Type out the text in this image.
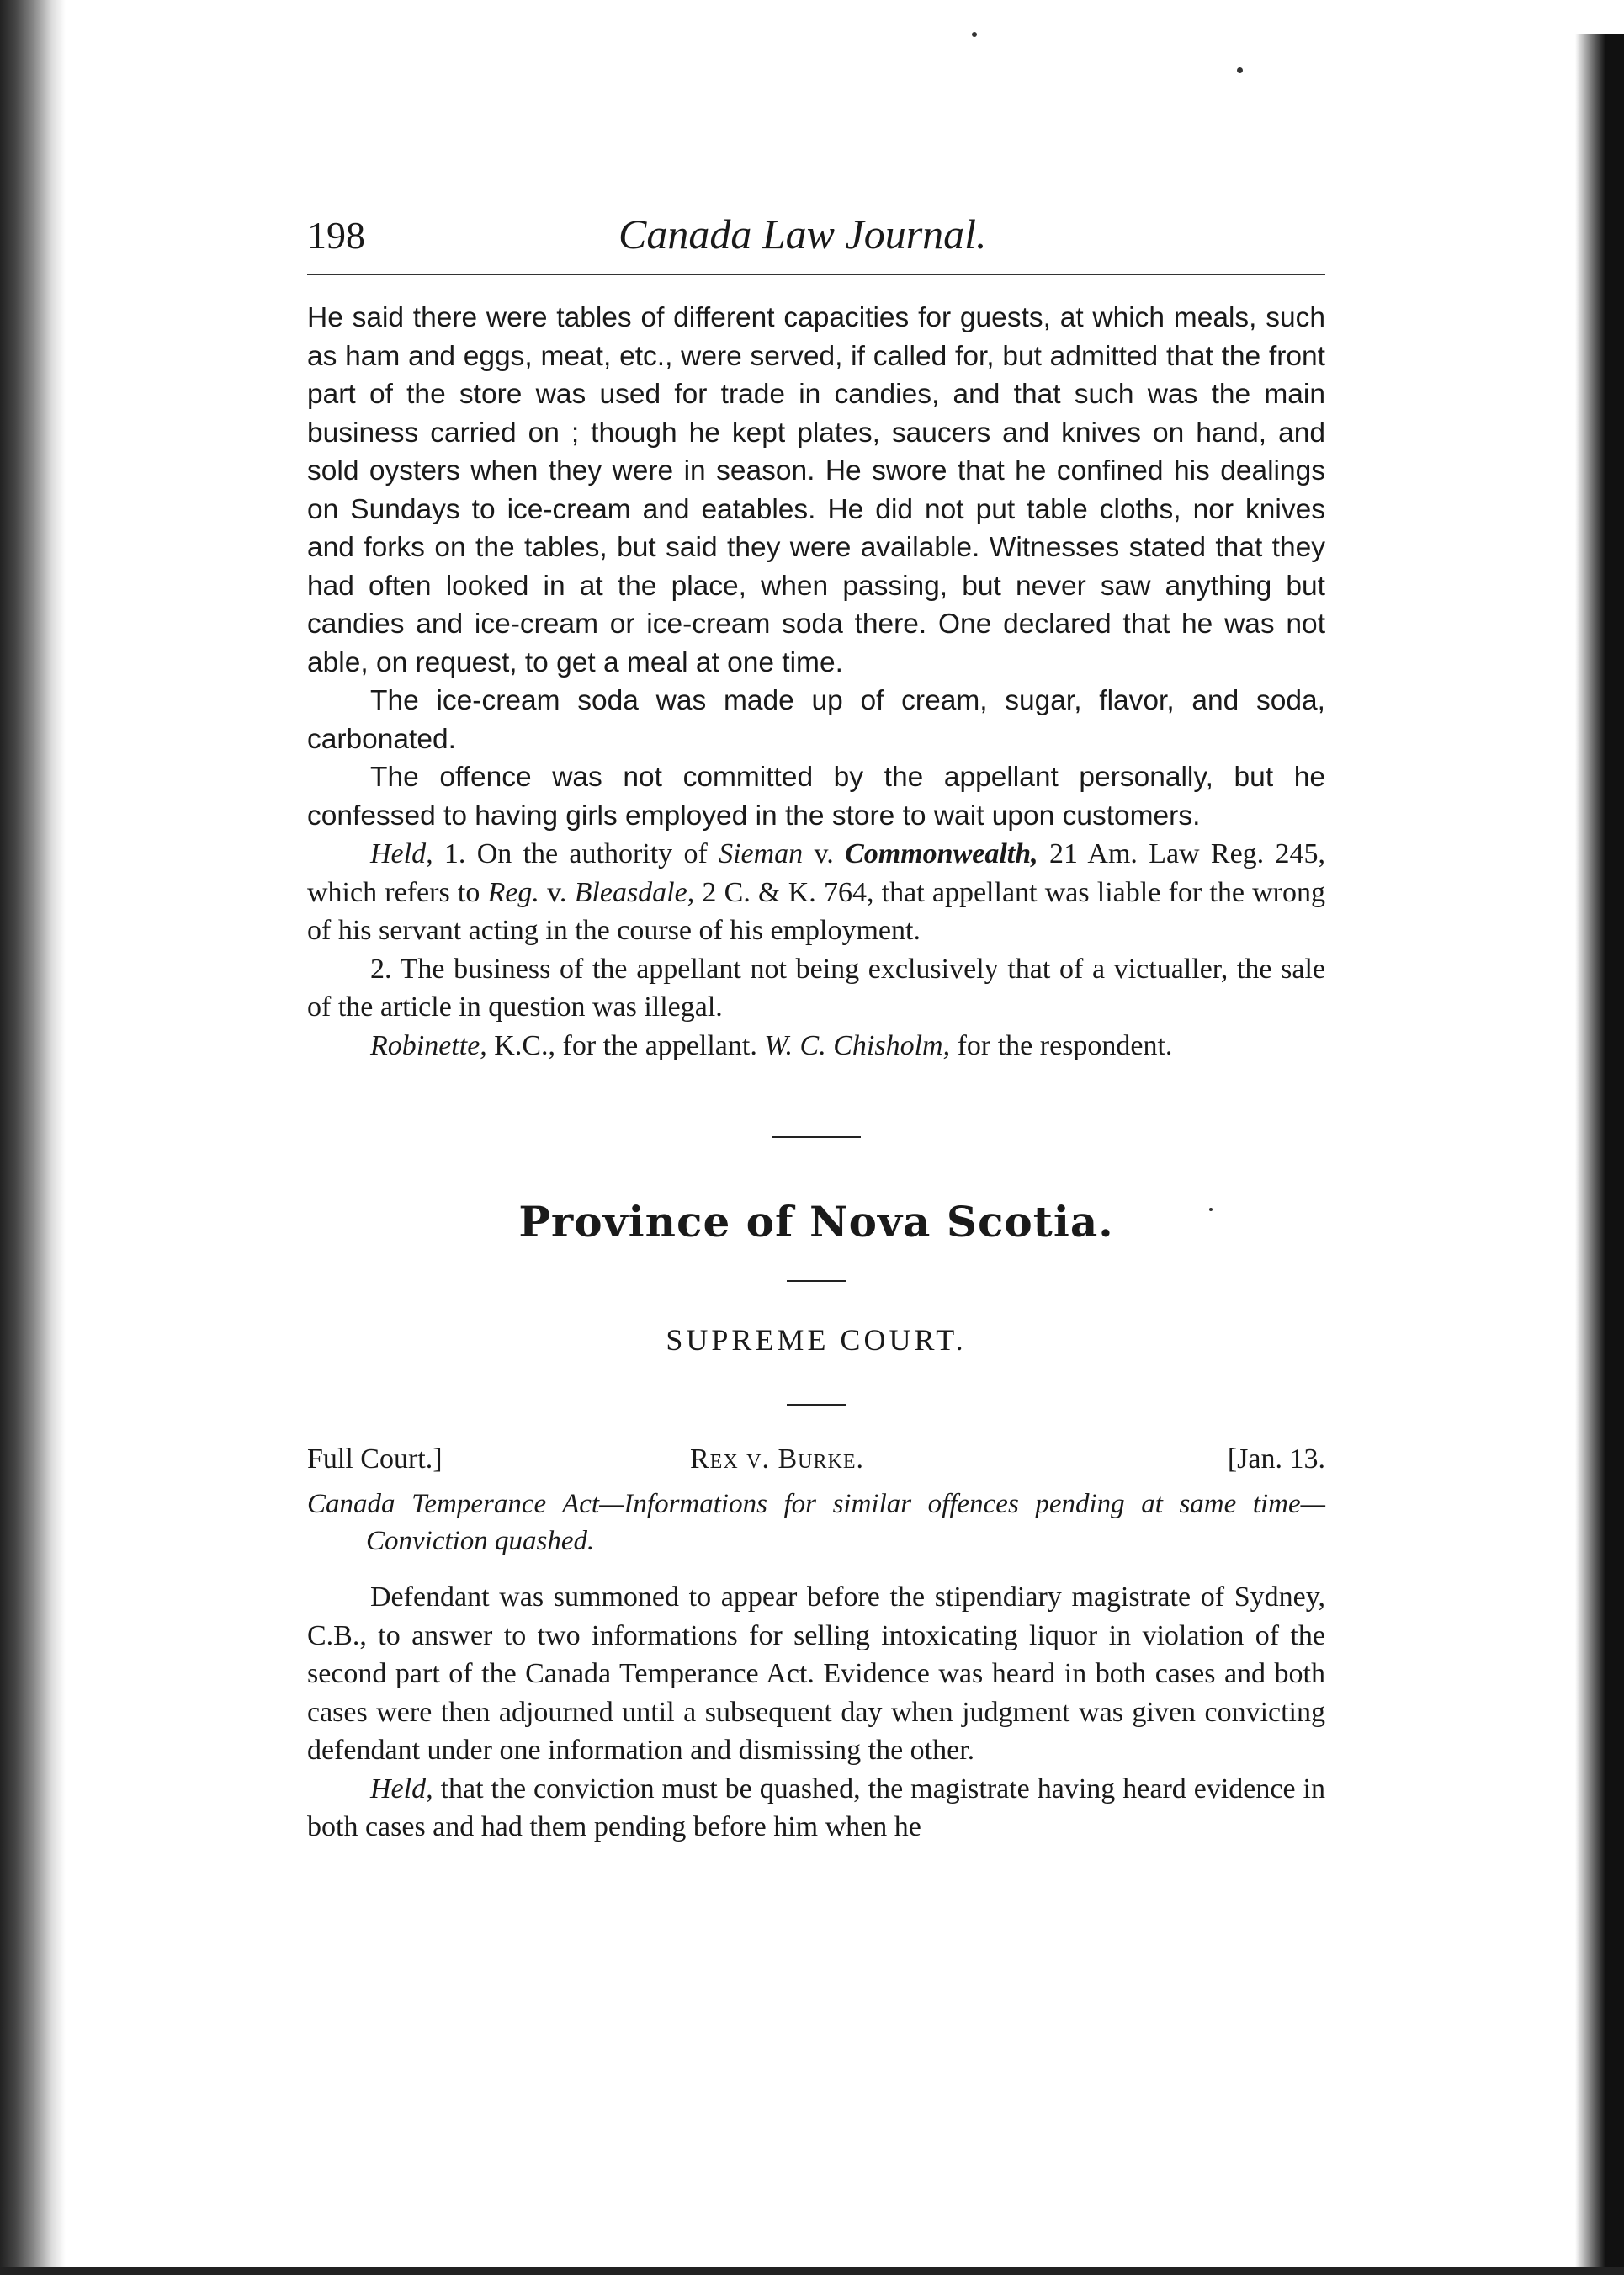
198	Canada Law Journal.

He said there were tables of different capacities for guests, at which meals, such as ham and eggs, meat, etc., were served, if called for, but admitted that the front part of the store was used for trade in candies, and that such was the main business carried on ; though he kept plates, saucers and knives on hand, and sold oysters when they were in season. He swore that he confined his dealings on Sundays to ice-cream and eatables. He did not put table cloths, nor knives and forks on the tables, but said they were available. Witnesses stated that they had often looked in at the place, when passing, but never saw anything but candies and ice-cream or ice-cream soda there. One declared that he was not able, on request, to get a meal at one time.

The ice-cream soda was made up of cream, sugar, flavor, and soda, carbonated.

The offence was not committed by the appellant personally, but he confessed to having girls employed in the store to wait upon customers.

Held, 1. On the authority of Sieman v. Commonwealth, 21 Am. Law Reg. 245, which refers to Reg. v. Bleasdale, 2 C. & K. 764, that appellant was liable for the wrong of his servant acting in the course of his employment.

2. The business of the appellant not being exclusively that of a victualler, the sale of the article in question was illegal.

Robinette, K.C., for the appellant. W. C. Chisholm, for the respondent.

Province of Nova Scotia.

SUPREME COURT.

Full Court.]	Rex v. Burke.	[Jan. 13.

Canada Temperance Act—Informations for similar offences pending at same time—Conviction quashed.

Defendant was summoned to appear before the stipendiary magistrate of Sydney, C.B., to answer to two informations for selling intoxicating liquor in violation of the second part of the Canada Temperance Act. Evidence was heard in both cases and both cases were then adjourned until a subsequent day when judgment was given convicting defendant under one information and dismissing the other.

Held, that the conviction must be quashed, the magistrate having heard evidence in both cases and had them pending before him when he
